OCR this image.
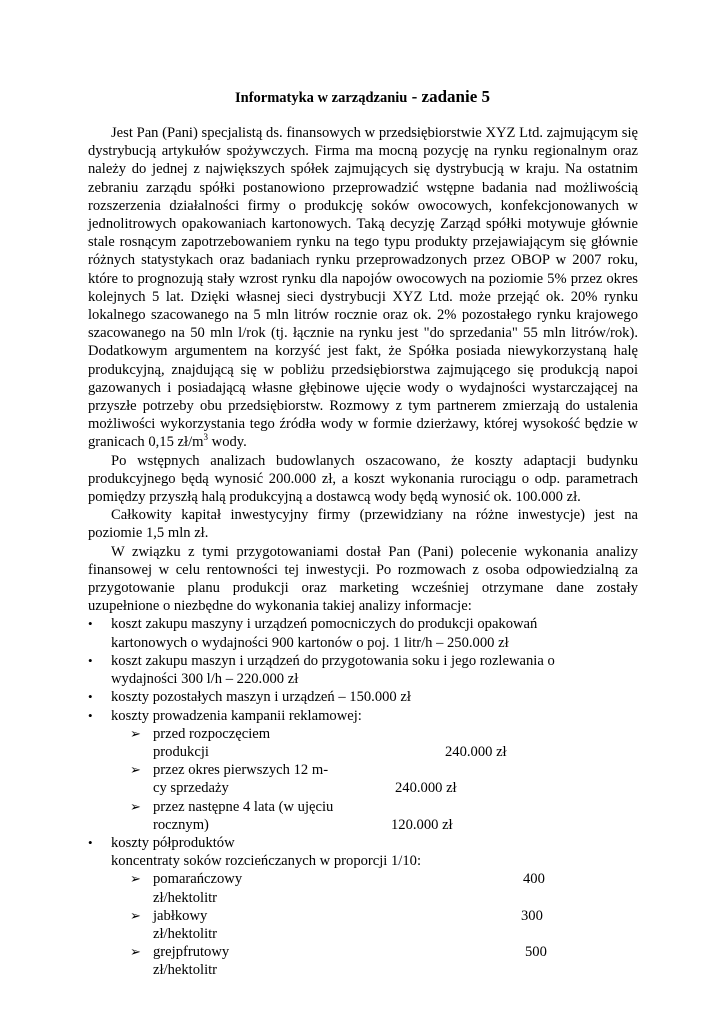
Informatyka w zarządzaniu - zadanie 5

Jest Pan (Pani) specjalistą ds. finansowych w przedsiębiorstwie XYZ Ltd. zajmującym się dystrybucją artykułów spożywczych. Firma ma mocną pozycję na rynku regionalnym oraz należy do jednej z największych spółek zajmujących się dystrybucją w kraju. Na ostatnim zebraniu zarządu spółki postanowiono przeprowadzić wstępne badania nad możliwością rozszerzenia działalności firmy o produkcję soków owocowych, konfekcjonowanych w jednolitrowych opakowaniach kartonowych. Taką decyzję Zarząd spółki motywuje głównie stale rosnącym zapotrzebowaniem rynku na tego typu produkty przejawiającym się głównie różnych statystykach oraz badaniach rynku przeprowadzonych przez OBOP w 2007 roku, które to prognozują stały wzrost rynku dla napojów owocowych na poziomie 5% przez okres kolejnych 5 lat. Dzięki własnej sieci dystrybucji XYZ Ltd. może przejąć ok. 20% rynku lokalnego szacowanego na 5 mln litrów rocznie oraz ok. 2% pozostałego rynku krajowego szacowanego na 50 mln l/rok (tj. łącznie na rynku jest "do sprzedania" 55 mln litrów/rok). Dodatkowym argumentem na korzyść jest fakt, że Spółka posiada niewykorzystaną halę produkcyjną, znajdującą się w pobliżu przedsiębiorstwa zajmującego się produkcją napoi gazowanych i posiadającą własne głębinowe ujęcie wody o wydajności wystarczającej na przyszłe potrzeby obu przedsiębiorstw. Rozmowy z tym partnerem zmierzają do ustalenia możliwości wykorzystania tego źródła wody w formie dzierżawy, której wysokość będzie w granicach 0,15 $zł/m^3$ wody.

Po wstępnych analizach budowlanych oszacowano, że koszty adaptacji budynku produkcyjnego będą wynosić 200.000 zł, a koszt wykonania rurociągu o odp. parametrach pomiędzy przyszłą halą produkcyjną a dostawcą wody będą wynosić ok. 100.000 zł.

Całkowity kapitał inwestycyjny firmy (przewidziany na różne inwestycje) jest na poziomie 1,5 mln zł.

W związku z tymi przygotowaniami dostał Pan (Pani) polecenie wykonania analizy finansowej w celu rentowności tej inwestycji. Po rozmowach z osoba odpowiedzialną za przygotowanie planu produkcji oraz marketing wcześniej otrzymane dane zostały uzupełnione o niezbędne do wykonania takiej analizy informacje:

•	koszt zakupu maszyny i urządzeń pomocniczych do produkcji opakowań
kartonowych o wydajności 900 kartonów o poj. 1 litr/h – 250.000 zł
•	koszt zakupu maszyn i urządzeń do przygotowania soku i jego rozlewania o
wydajności 300 l/h – 220.000 zł
•	koszty pozostałych maszyn i urządzeń – 150.000 zł
•	koszty prowadzenia kampanii reklamowej:
➢ przed rozpoczęciem
produkcji	240.000 zł
➢ przez okres pierwszych 12 m-
cy sprzedaży	240.000 zł
➢ przez następne 4 lata (w ujęciu
rocznym)	120.000 zł
•	koszty półproduktów
koncentraty soków rozcieńczanych w proporcji 1/10:
➢ pomarańczowy	400
zł/hektolitr
➢ jabłkowy	300
zł/hektolitr
➢ grejpfrutowy	500
zł/hektolitr
